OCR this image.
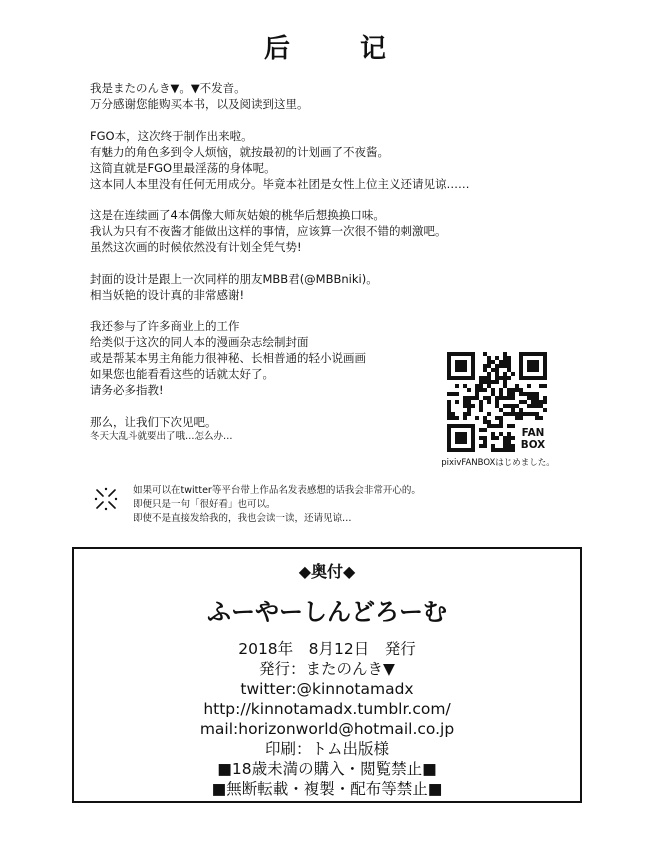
后　记
我是またのんき▼。▼不发音。
万分感谢您能购买本书，以及阅读到这里。
FGO本，这次终于制作出来啦。
有魅力的角色多到令人烦恼，就按最初的计划画了不夜酱。
这简直就是FGO里最淫荡的身体呢。
这本同人本里没有任何无用成分。毕竟本社团是女性上位主义还请见谅……
这是在连续画了4本偶像大师灰姑娘的桃华后想换换口味。
我认为只有不夜酱才能做出这样的事情，应该算一次很不错的刺激吧。
虽然这次画的时候依然没有计划全凭气势!
封面的设计是跟上一次同样的朋友MBB君(@MBBniki)。
相当妖艳的设计真的非常感谢!
我还参与了许多商业上的工作
给类似于这次的同人本的漫画杂志绘制封面
或是帮某本男主角能力很神秘、长相普通的轻小说画画
如果您也能看看这些的话就太好了。
请务必多指教!
那么，让我们下次见吧。
冬天大乱斗就要出了哦…怎么办…	FAN
BOX
pixivFANBOXはじめました。
如果可以在twitter等平台带上作品名发表感想的话我会非常开心的。
即便只是一句「很好看」也可以。
即使不是直接发给我的，我也会读一读，还请见谅…
◆奥付◆
ふーやーしんどろーむ
2018年　8月12日　発行
発行：またのんき▼
twitter:@kinnotamadx
http://kinnotamadx.tumblr.com/
mail:horizonworld@hotmail.co.jp
印刷：トム出版様
■18歳未満の購入・閲覧禁止■
■無断転載・複製・配布等禁止■
